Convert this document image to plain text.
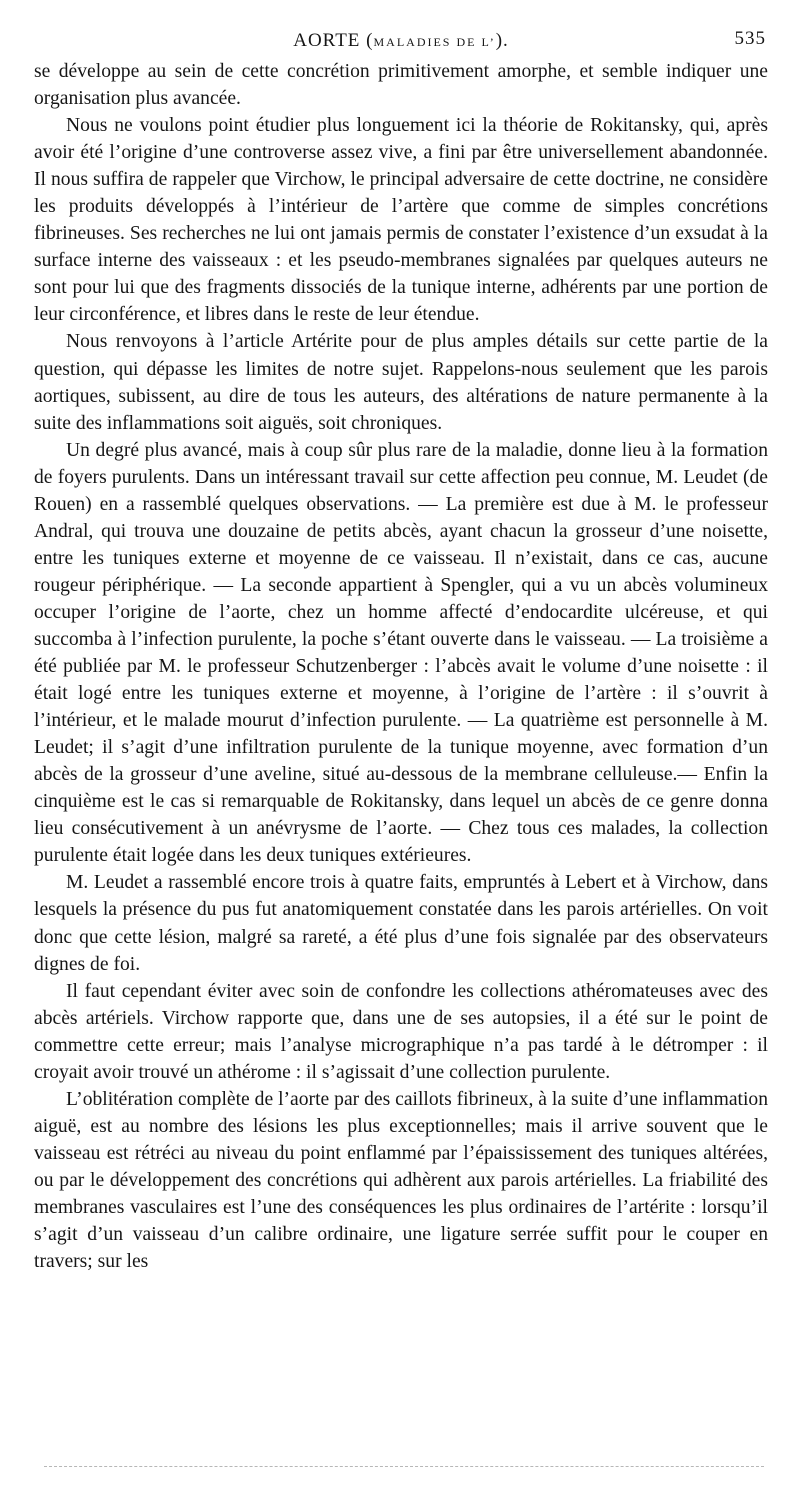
AORTE (MALADIES DE L’).	535

se développe au sein de cette concrétion primitivement amorphe, et semble indiquer une organisation plus avancée.

Nous ne voulons point étudier plus longuement ici la théorie de Rokitansky, qui, après avoir été l’origine d’une controverse assez vive, a fini par être universellement abandonnée. Il nous suffira de rappeler que Virchow, le principal adversaire de cette doctrine, ne considère les produits développés à l’intérieur de l’artère que comme de simples concrétions fibrineuses. Ses recherches ne lui ont jamais permis de constater l’existence d’un exsudat à la surface interne des vaisseaux : et les pseudo-membranes signalées par quelques auteurs ne sont pour lui que des fragments dissociés de la tunique interne, adhérents par une portion de leur circonférence, et libres dans le reste de leur étendue.

Nous renvoyons à l’article Artérite pour de plus amples détails sur cette partie de la question, qui dépasse les limites de notre sujet. Rappelons-nous seulement que les parois aortiques, subissent, au dire de tous les auteurs, des altérations de nature permanente à la suite des inflammations soit aiguës, soit chroniques.

Un degré plus avancé, mais à coup sûr plus rare de la maladie, donne lieu à la formation de foyers purulents. Dans un intéressant travail sur cette affection peu connue, M. Leudet (de Rouen) en a rassemblé quelques observations. — La première est due à M. le professeur Andral, qui trouva une douzaine de petits abcès, ayant chacun la grosseur d’une noisette, entre les tuniques externe et moyenne de ce vaisseau. Il n’existait, dans ce cas, aucune rougeur périphérique. — La seconde appartient à Spengler, qui a vu un abcès volumineux occuper l’origine de l’aorte, chez un homme affecté d’endocardite ulcéreuse, et qui succomba à l’infection purulente, la poche s’étant ouverte dans le vaisseau. — La troisième a été publiée par M. le professeur Schutzenberger : l’abcès avait le volume d’une noisette : il était logé entre les tuniques externe et moyenne, à l’origine de l’artère : il s’ouvrit à l’intérieur, et le malade mourut d’infection purulente. — La quatrième est personnelle à M. Leudet; il s’agit d’une infiltration purulente de la tunique moyenne, avec formation d’un abcès de la grosseur d’une aveline, situé au-dessous de la membrane celluleuse.— Enfin la cinquième est le cas si remarquable de Rokitansky, dans lequel un abcès de ce genre donna lieu consécutivement à un anévrysme de l’aorte. — Chez tous ces malades, la collection purulente était logée dans les deux tuniques extérieures.

M. Leudet a rassemblé encore trois à quatre faits, empruntés à Lebert et à Virchow, dans lesquels la présence du pus fut anatomiquement constatée dans les parois artérielles. On voit donc que cette lésion, malgré sa rareté, a été plus d’une fois signalée par des observateurs dignes de foi.

Il faut cependant éviter avec soin de confondre les collections athéromateuses avec des abcès artériels. Virchow rapporte que, dans une de ses autopsies, il a été sur le point de commettre cette erreur; mais l’analyse micrographique n’a pas tardé à le détromper : il croyait avoir trouvé un athérome : il s’agissait d’une collection purulente.

L’oblitération complète de l’aorte par des caillots fibrineux, à la suite d’une inflammation aiguë, est au nombre des lésions les plus exceptionnelles; mais il arrive souvent que le vaisseau est rétréci au niveau du point enflammé par l’épaississement des tuniques altérées, ou par le développement des concrétions qui adhèrent aux parois artérielles. La friabilité des membranes vasculaires est l’une des conséquences les plus ordinaires de l’artérite : lorsqu’il s’agit d’un vaisseau d’un calibre ordinaire, une ligature serrée suffit pour le couper en travers; sur les
